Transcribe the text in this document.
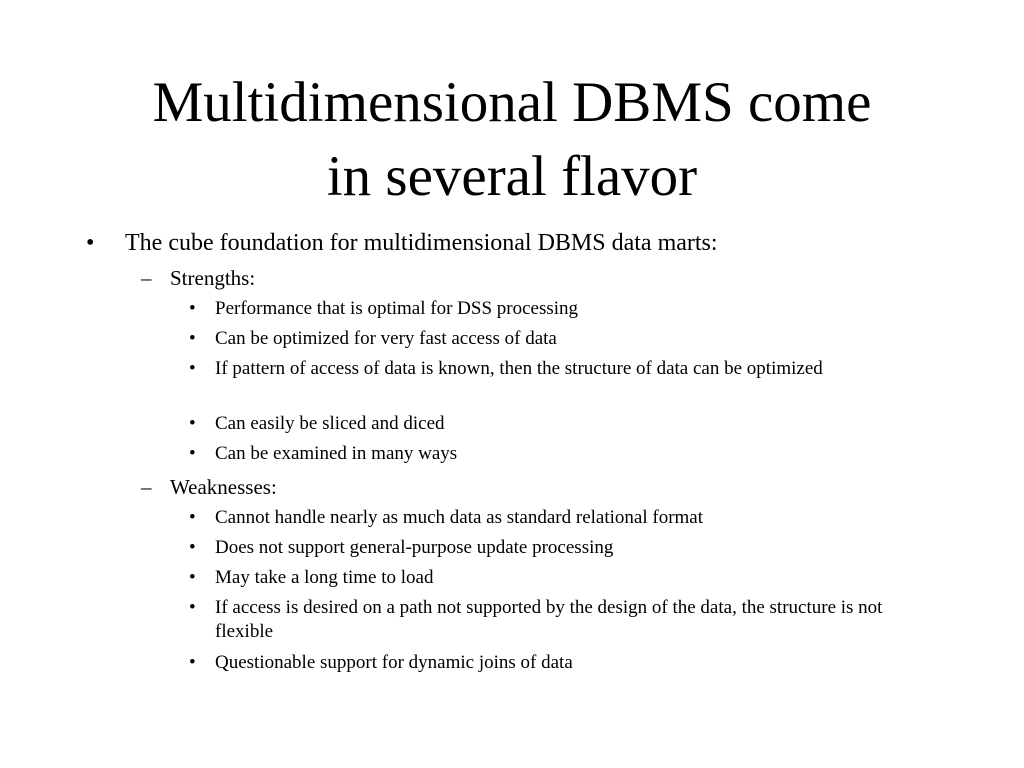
Multidimensional DBMS come
in several flavor
• The cube foundation for multidimensional DBMS data marts:
– Strengths:
• Performance that is optimal for DSS processing
• Can be optimized for very fast access of data
• If pattern of access of data is known, then the structure of data can be optimized
• Can easily be sliced and diced
• Can be examined in many ways
– Weaknesses:
• Cannot handle nearly as much data as standard relational format
• Does not support general-purpose update processing
• May take a long time to load
• If access is desired on a path not supported by the design of the data, the structure is not flexible
• Questionable support for dynamic joins of data
